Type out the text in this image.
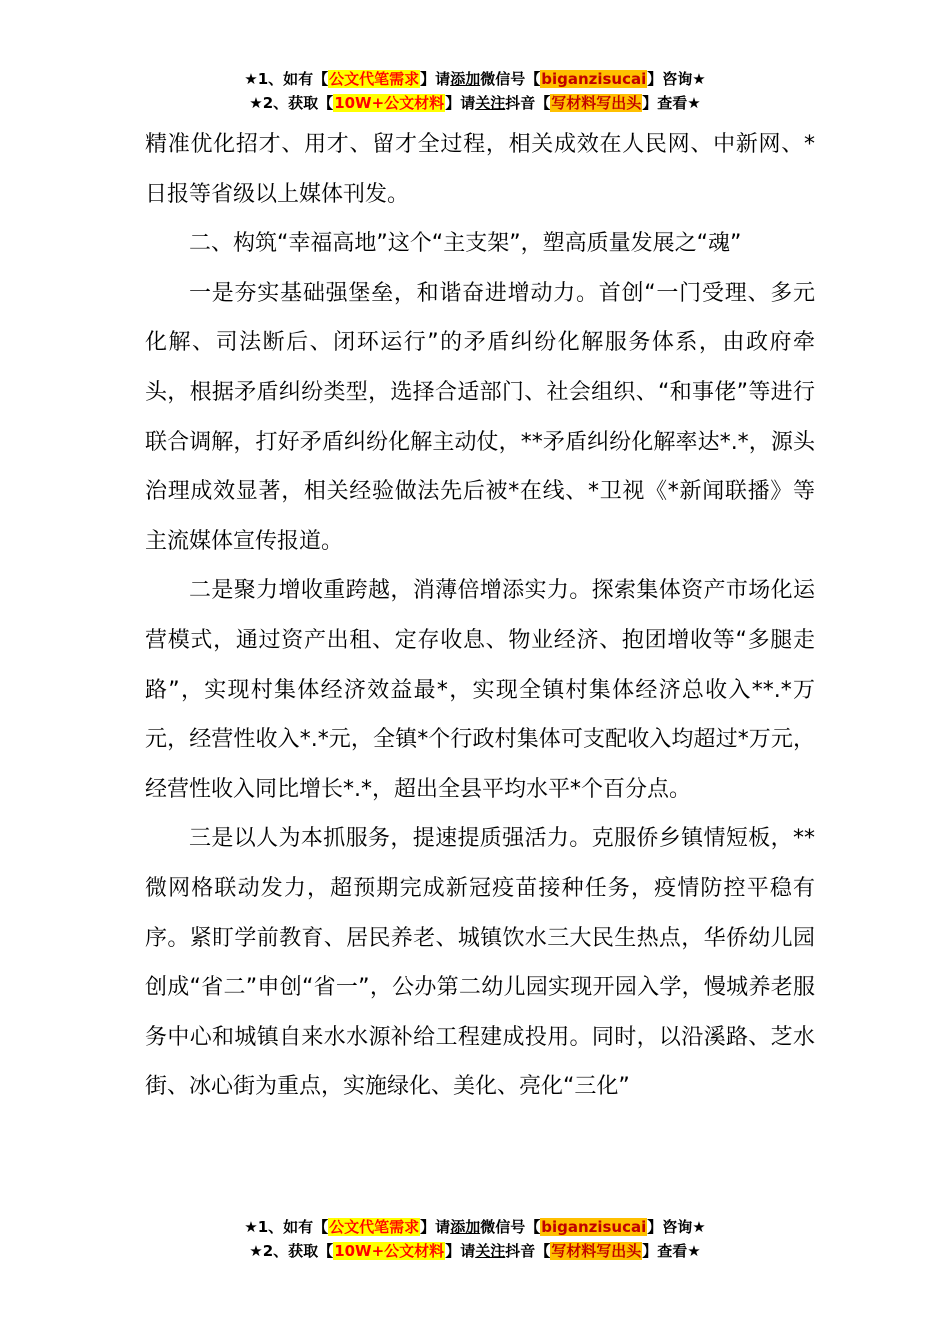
★1、如有【公文代笔需求】请添加微信号【biganzisucai】咨询★
★2、获取【10W+公文材料】请关注抖音【写材料写出头】查看★

精准优化招才、用才、留才全过程，相关成效在人民网、中新网、*日报等省级以上媒体刊发。

二、构筑“幸福高地”这个“主支架”，塑高质量发展之“魂”

一是夯实基础强堡垒，和谐奋进增动力。首创“一门受理、多元化解、司法断后、闭环运行”的矛盾纠纷化解服务体系，由政府牵头，根据矛盾纠纷类型，选择合适部门、社会组织、“和事佬”等进行联合调解，打好矛盾纠纷化解主动仗，**矛盾纠纷化解率达*.*，源头治理成效显著，相关经验做法先后被*在线、*卫视《*新闻联播》等主流媒体宣传报道。

二是聚力增收重跨越，消薄倍增添实力。探索集体资产市场化运营模式，通过资产出租、定存收息、物业经济、抱团增收等“多腿走路”，实现村集体经济效益最*，实现全镇村集体经济总收入**.*万元，经营性收入*.*元，全镇*个行政村集体可支配收入均超过*万元，经营性收入同比增长*.*，超出全县平均水平*个百分点。

三是以人为本抓服务，提速提质强活力。克服侨乡镇情短板，**微网格联动发力，超预期完成新冠疫苗接种任务，疫情防控平稳有序。紧盯学前教育、居民养老、城镇饮水三大民生热点，华侨幼儿园创成“省二”申创“省一”，公办第二幼儿园实现开园入学，慢城养老服务中心和城镇自来水水源补给工程建成投用。同时，以沿溪路、芝水街、冰心街为重点，实施绿化、美化、亮化“三化”

★1、如有【公文代笔需求】请添加微信号【biganzisucai】咨询★
★2、获取【10W+公文材料】请关注抖音【写材料写出头】查看★
